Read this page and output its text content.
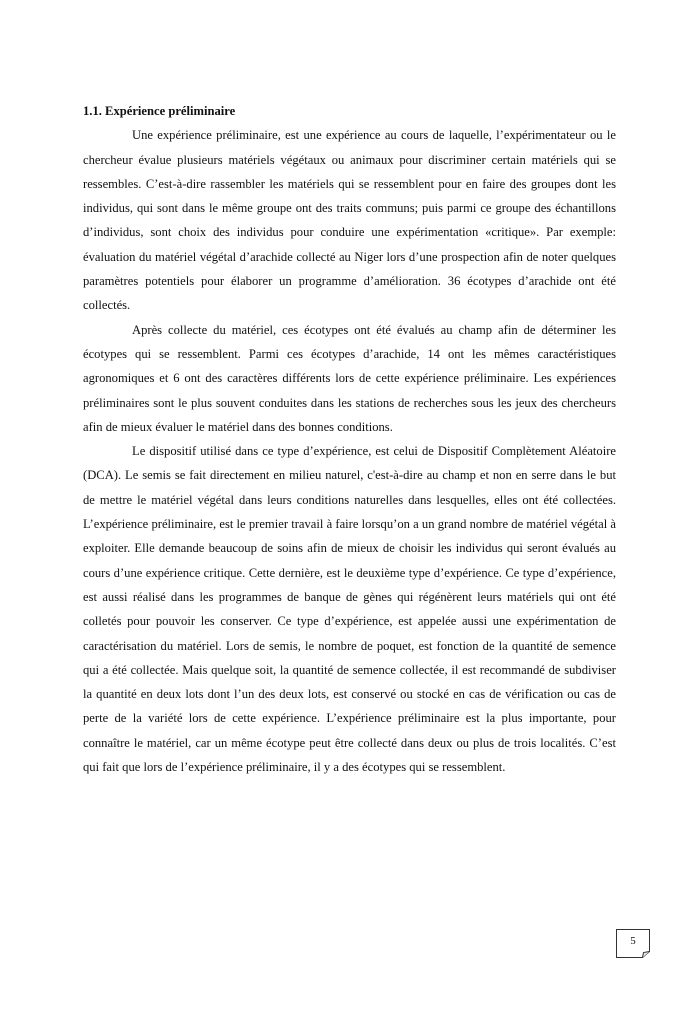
1.1. Expérience préliminaire

Une expérience préliminaire, est une expérience au cours de laquelle, l’expérimentateur ou le chercheur évalue plusieurs matériels végétaux ou animaux pour discriminer certain matériels qui se ressembles. C’est-à-dire rassembler les matériels qui se ressemblent pour en faire des groupes dont les individus, qui sont dans le même groupe ont des traits communs; puis parmi ce groupe des échantillons d’individus, sont choix des individus pour conduire une expérimentation «critique». Par exemple: évaluation du matériel végétal d’arachide collecté au Niger lors d’une prospection afin de noter quelques paramètres potentiels pour élaborer un programme d’amélioration. 36 écotypes d’arachide ont été collectés.

Après collecte du matériel, ces écotypes ont été évalués au champ afin de déterminer les écotypes qui se ressemblent. Parmi ces écotypes d’arachide, 14 ont les mêmes caractéristiques agronomiques et 6 ont des caractères différents lors de cette expérience préliminaire. Les expériences préliminaires sont le plus souvent conduites dans les stations de recherches sous les jeux des chercheurs afin de mieux évaluer le matériel dans des bonnes conditions.

Le dispositif utilisé dans ce type d’expérience, est celui de Dispositif Complètement Aléatoire (DCA). Le semis se fait directement en milieu naturel, c'est-à-dire au champ et non en serre dans le but de mettre le matériel végétal dans leurs conditions naturelles dans lesquelles, elles ont été collectées. L’expérience préliminaire, est le premier travail à faire lorsqu’on a un grand nombre de matériel végétal à exploiter. Elle demande beaucoup de soins afin de mieux de choisir les individus qui seront évalués au cours d’une expérience critique. Cette dernière, est le deuxième type d’expérience. Ce type d’expérience, est aussi réalisé dans les programmes de banque de gènes qui régénèrent leurs matériels qui ont été colletés pour pouvoir les conserver. Ce type d’expérience, est appelée aussi une expérimentation de caractérisation du matériel. Lors de semis, le nombre de poquet, est fonction de la quantité de semence qui a été collectée. Mais quelque soit, la quantité de semence collectée, il est recommandé de subdiviser la quantité en deux lots dont l’un des deux lots, est conservé ou stocké en cas de vérification ou cas de perte de la variété lors de cette expérience. L’expérience préliminaire est la plus importante, pour connaître le matériel, car un même écotype peut être collecté dans deux ou plus de trois localités. C’est qui fait que lors de l’expérience préliminaire, il y a des écotypes qui se ressemblent.

5
